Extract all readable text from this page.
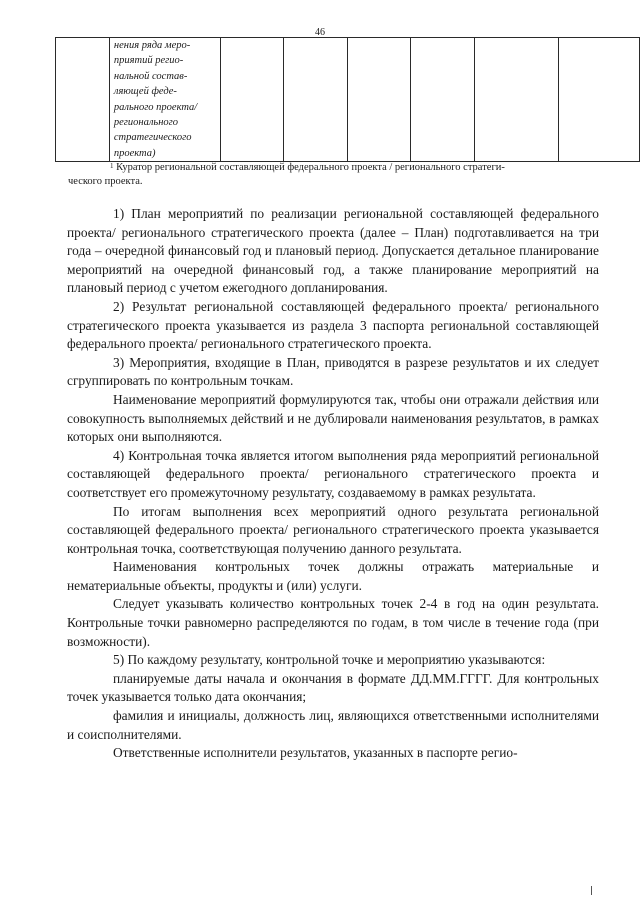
46

нения ряда меро-
приятий регио-
нальной состав-
ляющей феде-
рального проекта/
регионального
стратегического
проекта)

$^1$ Куратор региональной составляющей федерального проекта / регионального стратеги-
ческого проекта.

1) План мероприятий по реализации региональной составляющей федерального проекта/ регионального стратегического проекта (далее – План) подготавливается на три года – очередной финансовый год и плановый период. Допускается детальное планирование мероприятий на очередной финансовый год, а также планирование мероприятий на плановый период с учетом ежегодного допланирования.

2) Результат региональной составляющей федерального проекта/ регионального стратегического проекта указывается из раздела 3 паспорта региональной составляющей федерального проекта/ регионального стратегического проекта.

3) Мероприятия, входящие в План, приводятся в разрезе результатов и их следует сгруппировать по контрольным точкам.

Наименование мероприятий формулируются так, чтобы они отражали действия или совокупность выполняемых действий и не дублировали наименования результатов, в рамках которых они выполняются.

4) Контрольная точка является итогом выполнения ряда мероприятий региональной составляющей федерального проекта/ регионального стратегического проекта и соответствует его промежуточному результату, создаваемому в рамках результата.

По итогам выполнения всех мероприятий одного результата региональной составляющей федерального проекта/ регионального стратегического проекта указывается контрольная точка, соответствующая получению данного результата.

Наименования контрольных точек должны отражать материальные и нематериальные объекты, продукты и (или) услуги.

Следует указывать количество контрольных точек 2-4 в год на один результата. Контрольные точки равномерно распределяются по годам, в том числе в течение года (при возможности).

5) По каждому результату, контрольной точке и мероприятию указываются:

планируемые даты начала и окончания в формате ДД.ММ.ГГГГ. Для контрольных точек указывается только дата окончания;

фамилия и инициалы, должность лиц, являющихся ответственными исполнителями и соисполнителями.

Ответственные исполнители результатов, указанных в паспорте регио-
